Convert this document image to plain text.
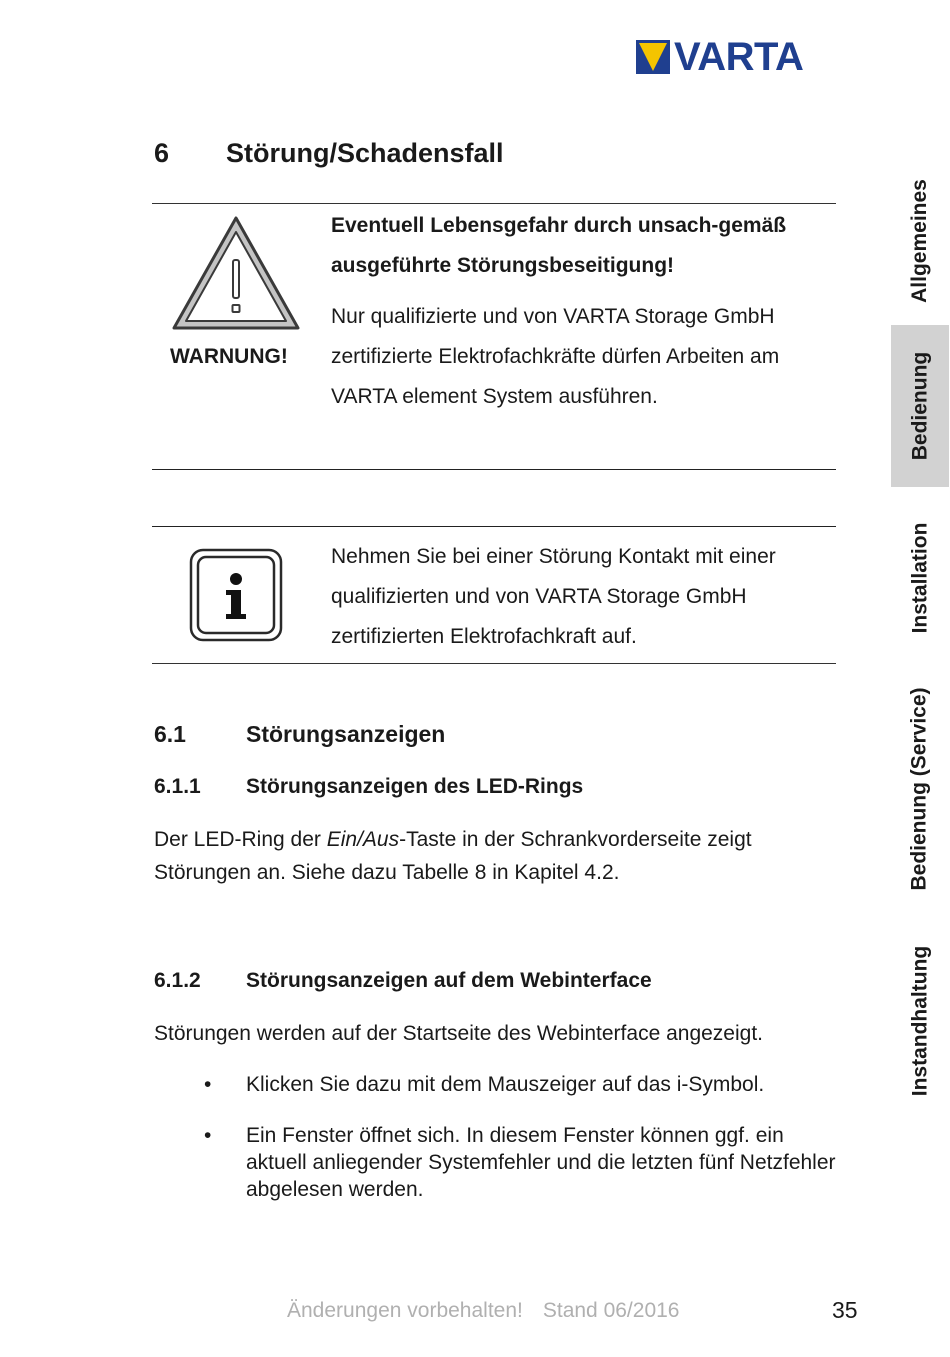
VARTA
6 Störung/Schadensfall
WARNUNG!
Eventuell Lebensgefahr durch unsach-gemäß ausgeführte Störungsbeseitigung!
Nur qualifizierte und von VARTA Storage GmbH zertifizierte Elektrofachkräfte dürfen Arbeiten am VARTA element System ausführen.
Nehmen Sie bei einer Störung Kontakt mit einer qualifizierten und von VARTA Storage GmbH zertifizierten Elektrofachkraft auf.
6.1	Störungsanzeigen
6.1.1 Störungsanzeigen des LED-Rings
Der LED-Ring der Ein/Aus-Taste in der Schrankvorderseite zeigt Störungen an. Siehe dazu Tabelle 8 in Kapitel 4.2.
6.1.2 Störungsanzeigen auf dem Webinterface
Störungen werden auf der Startseite des Webinterface angezeigt.
• Klicken Sie dazu mit dem Mauszeiger auf das i-Symbol.
• Ein Fenster öffnet sich. In diesem Fenster können ggf. ein aktuell anliegender Systemfehler und die letzten fünf Netzfehler abgelesen werden.
Änderungen vorbehalten! Stand 06/2016	35
Allgemeines
Bedienung
Installation
Bedienung (Service)
Instandhaltung
